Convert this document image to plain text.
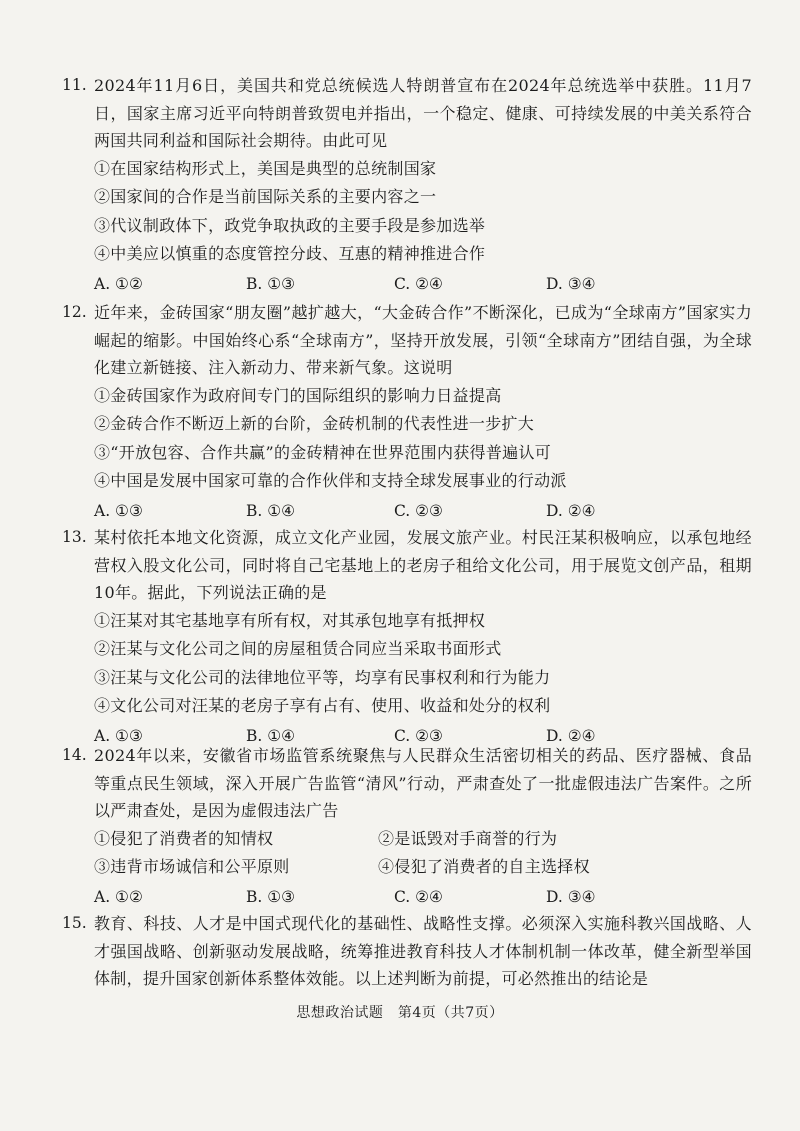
11. 2024年11月6日，美国共和党总统候选人特朗普宣布在2024年总统选举中获胜。11月7日，国家主席习近平向特朗普致贺电并指出，一个稳定、健康、可持续发展的中美关系符合两国共同利益和国际社会期待。由此可见
①在国家结构形式上，美国是典型的总统制国家
②国家间的合作是当前国际关系的主要内容之一
③代议制政体下，政党争取执政的主要手段是参加选举
④中美应以慎重的态度管控分歧、互惠的精神推进合作
A. ①②	B. ①③	C. ②④	D. ③④
12. 近年来，金砖国家“朋友圈”越扩越大，“大金砖合作”不断深化，已成为“全球南方”国家实力崛起的缩影。中国始终心系“全球南方”，坚持开放发展，引领“全球南方”团结自强，为全球化建立新链接、注入新动力、带来新气象。这说明
①金砖国家作为政府间专门的国际组织的影响力日益提高
②金砖合作不断迈上新的台阶，金砖机制的代表性进一步扩大
③“开放包容、合作共赢”的金砖精神在世界范围内获得普遍认可
④中国是发展中国家可靠的合作伙伴和支持全球发展事业的行动派
A. ①③	B. ①④	C. ②③	D. ②④
13. 某村依托本地文化资源，成立文化产业园，发展文旅产业。村民汪某积极响应，以承包地经营权入股文化公司，同时将自己宅基地上的老房子租给文化公司，用于展览文创产品，租期10年。据此，下列说法正确的是
①汪某对其宅基地享有所有权，对其承包地享有抵押权
②汪某与文化公司之间的房屋租赁合同应当采取书面形式
③汪某与文化公司的法律地位平等，均享有民事权利和行为能力
④文化公司对汪某的老房子享有占有、使用、收益和处分的权利
A. ①③	B. ①④	C. ②③	D. ②④
14. 2024年以来，安徽省市场监管系统聚焦与人民群众生活密切相关的药品、医疗器械、食品等重点民生领域，深入开展广告监管“清风”行动，严肃查处了一批虚假违法广告案件。之所以严肃查处，是因为虚假违法广告
①侵犯了消费者的知情权	②是诋毁对手商誉的行为
③违背市场诚信和公平原则	④侵犯了消费者的自主选择权
A. ①②	B. ①③	C. ②④	D. ③④
15. 教育、科技、人才是中国式现代化的基础性、战略性支撑。必须深入实施科教兴国战略、人才强国战略、创新驱动发展战略，统筹推进教育科技人才体制机制一体改革，健全新型举国体制，提升国家创新体系整体效能。以上述判断为前提，可必然推出的结论是
思想政治试题　第4页（共7页）
